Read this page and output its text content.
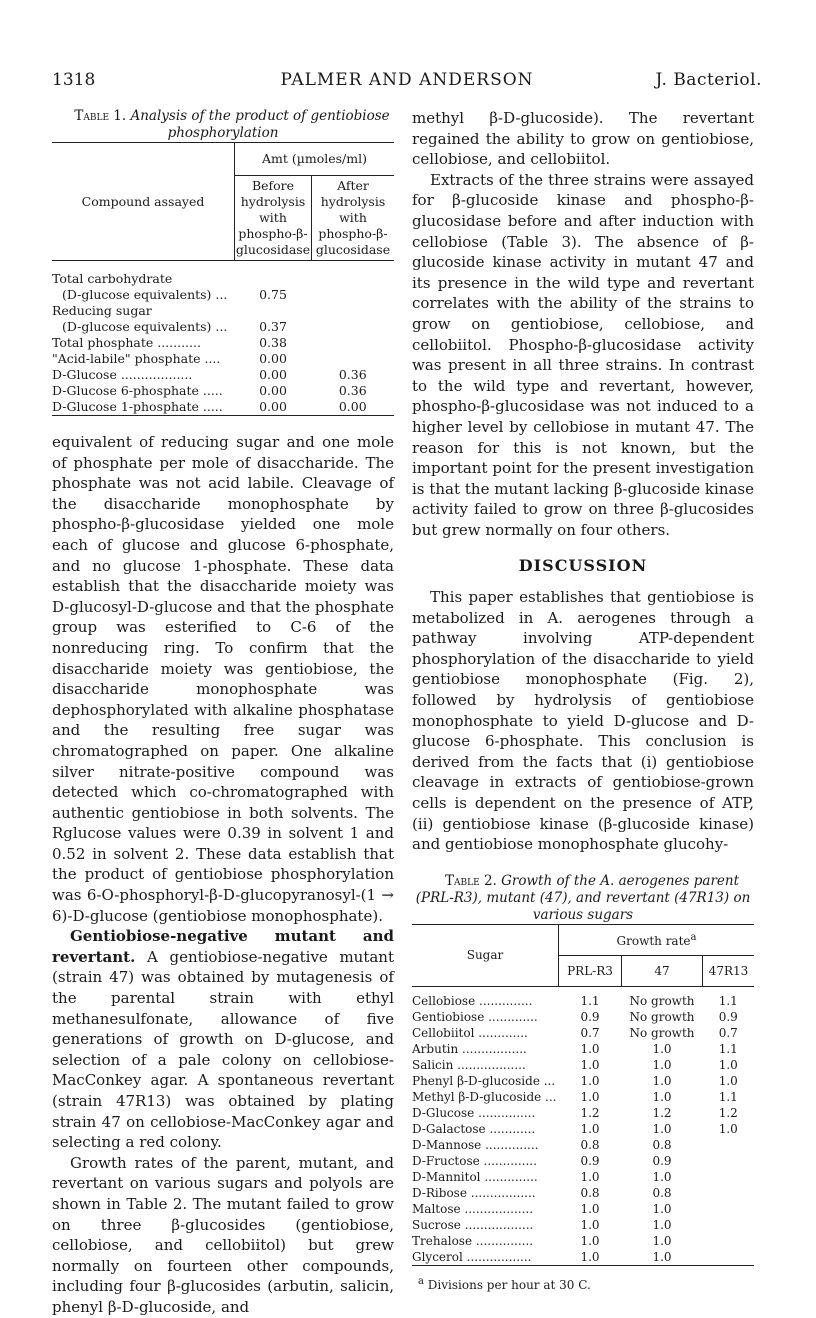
1318	PALMER AND ANDERSON	J. Bacteriol.

Table 1. Analysis of the product of gentiobiose phosphorylation

Compound assayed	Amt (µmoles/ml)	
	Before hydrolysis with phospho-β-glucosidase	After hydrolysis with phospho-β-glucosidase

Total carbohydrate		
(D-glucose equivalents) ...	0.75	
Reducing sugar		
(D-glucose equivalents) ...	0.37	
Total phosphate ...........	0.38	
"Acid-labile" phosphate ....	0.00	
D-Glucose ..................	0.00	0.36
D-Glucose 6-phosphate .....	0.00	0.36
D-Glucose 1-phosphate .....	0.00	0.00

equivalent of reducing sugar and one mole of phosphate per mole of disaccharide. The phosphate was not acid labile. Cleavage of the disaccharide monophosphate by phospho-β-glucosidase yielded one mole each of glucose and glucose 6-phosphate, and no glucose 1-phosphate. These data establish that the disaccharide moiety was D-glucosyl-D-glucose and that the phosphate group was esterified to C-6 of the nonreducing ring. To confirm that the disaccharide moiety was gentiobiose, the disaccharide monophosphate was dephosphorylated with alkaline phosphatase and the resulting free sugar was chromatographed on paper. One alkaline silver nitrate-positive compound was detected which co-chromatographed with authentic gentiobiose in both solvents. The Rglucose values were 0.39 in solvent 1 and 0.52 in solvent 2. These data establish that the product of gentiobiose phosphorylation was 6-O-phosphoryl-β-D-glucopyranosyl-(1 → 6)-D-glucose (gentiobiose monophosphate).

Gentiobiose-negative mutant and revertant. A gentiobiose-negative mutant (strain 47) was obtained by mutagenesis of the parental strain with ethyl methanesulfonate, allowance of five generations of growth on D-glucose, and selection of a pale colony on cellobiose-MacConkey agar. A spontaneous revertant (strain 47R13) was obtained by plating strain 47 on cellobiose-MacConkey agar and selecting a red colony.

Growth rates of the parent, mutant, and revertant on various sugars and polyols are shown in Table 2. The mutant failed to grow on three β-glucosides (gentiobiose, cellobiose, and cellobiitol) but grew normally on fourteen other compounds, including four β-glucosides (arbutin, salicin, phenyl β-D-glucoside, and

methyl β-D-glucoside). The revertant regained the ability to grow on gentiobiose, cellobiose, and cellobiitol.

Extracts of the three strains were assayed for β-glucoside kinase and phospho-β-glucosidase before and after induction with cellobiose (Table 3). The absence of β-glucoside kinase activity in mutant 47 and its presence in the wild type and revertant correlates with the ability of the strains to grow on gentiobiose, cellobiose, and cellobiitol. Phospho-β-glucosidase activity was present in all three strains. In contrast to the wild type and revertant, however, phospho-β-glucosidase was not induced to a higher level by cellobiose in mutant 47. The reason for this is not known, but the important point for the present investigation is that the mutant lacking β-glucoside kinase activity failed to grow on three β-glucosides but grew normally on four others.

DISCUSSION

This paper establishes that gentiobiose is metabolized in A. aerogenes through a pathway involving ATP-dependent phosphorylation of the disaccharide to yield gentiobiose monophosphate (Fig. 2), followed by hydrolysis of gentiobiose monophosphate to yield D-glucose and D-glucose 6-phosphate. This conclusion is derived from the facts that (i) gentiobiose cleavage in extracts of gentiobiose-grown cells is dependent on the presence of ATP, (ii) gentiobiose kinase (β-glucoside kinase) and gentiobiose monophosphate glucohy-

Table 2. Growth of the A. aerogenes parent (PRL-R3), mutant (47), and revertant (47R13) on various sugars

Sugar	Growth rate$^a$
	PRL-R3	47	47R13

Cellobiose ..............	1.1	No growth	1.1
Gentiobiose .............	0.9	No growth	0.9
Cellobiitol .............	0.7	No growth	0.7
Arbutin .................	1.0	1.0	1.1
Salicin ..................	1.0	1.0	1.0
Phenyl β-D-glucoside ...	1.0	1.0	1.0
Methyl β-D-glucoside ...	1.0	1.0	1.1
D-Glucose ...............	1.2	1.2	1.2
D-Galactose ............	1.0	1.0	1.0
D-Mannose ..............	0.8	0.8	
D-Fructose ..............	0.9	0.9	
D-Mannitol ..............	1.0	1.0	
D-Ribose .................	0.8	0.8	
Maltose ..................	1.0	1.0	
Sucrose ..................	1.0	1.0	
Trehalose ...............	1.0	1.0	
Glycerol .................	1.0	1.0	
$^a$ Divisions per hour at 30 C.
